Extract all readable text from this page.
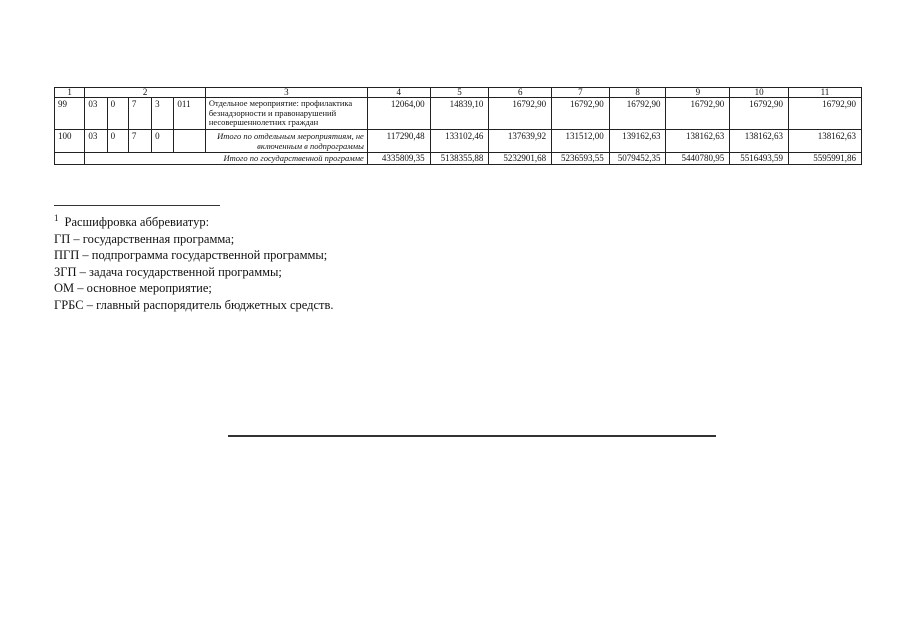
1	2					3	4	5	6	7	8	9	10	11
99	03	0	7	3	011	Отдельное мероприятие: профилактика безнадзорности и правонарушений несовершеннолетних граждан	12064,00	14839,10	16792,90	16792,90	16792,90	16792,90	16792,90	16792,90
100	03	0	7	0		Итого по отдельным мероприятиям, не включенным в подпрограммы	117290,48	133102,46	137639,92	131512,00	139162,63	138162,63	138162,63	138162,63
	Итого по государственной программе						4335809,35	5138355,88	5232901,68	5236593,55	5079452,35	5440780,95	5516493,59	5595991,86
$^1$ Расшифровка аббревиатур:
ГП – государственная программа;
ПГП – подпрограмма государственной программы;
ЗГП – задача государственной программы;
ОМ – основное мероприятие;
ГРБС – главный распорядитель бюджетных средств.
